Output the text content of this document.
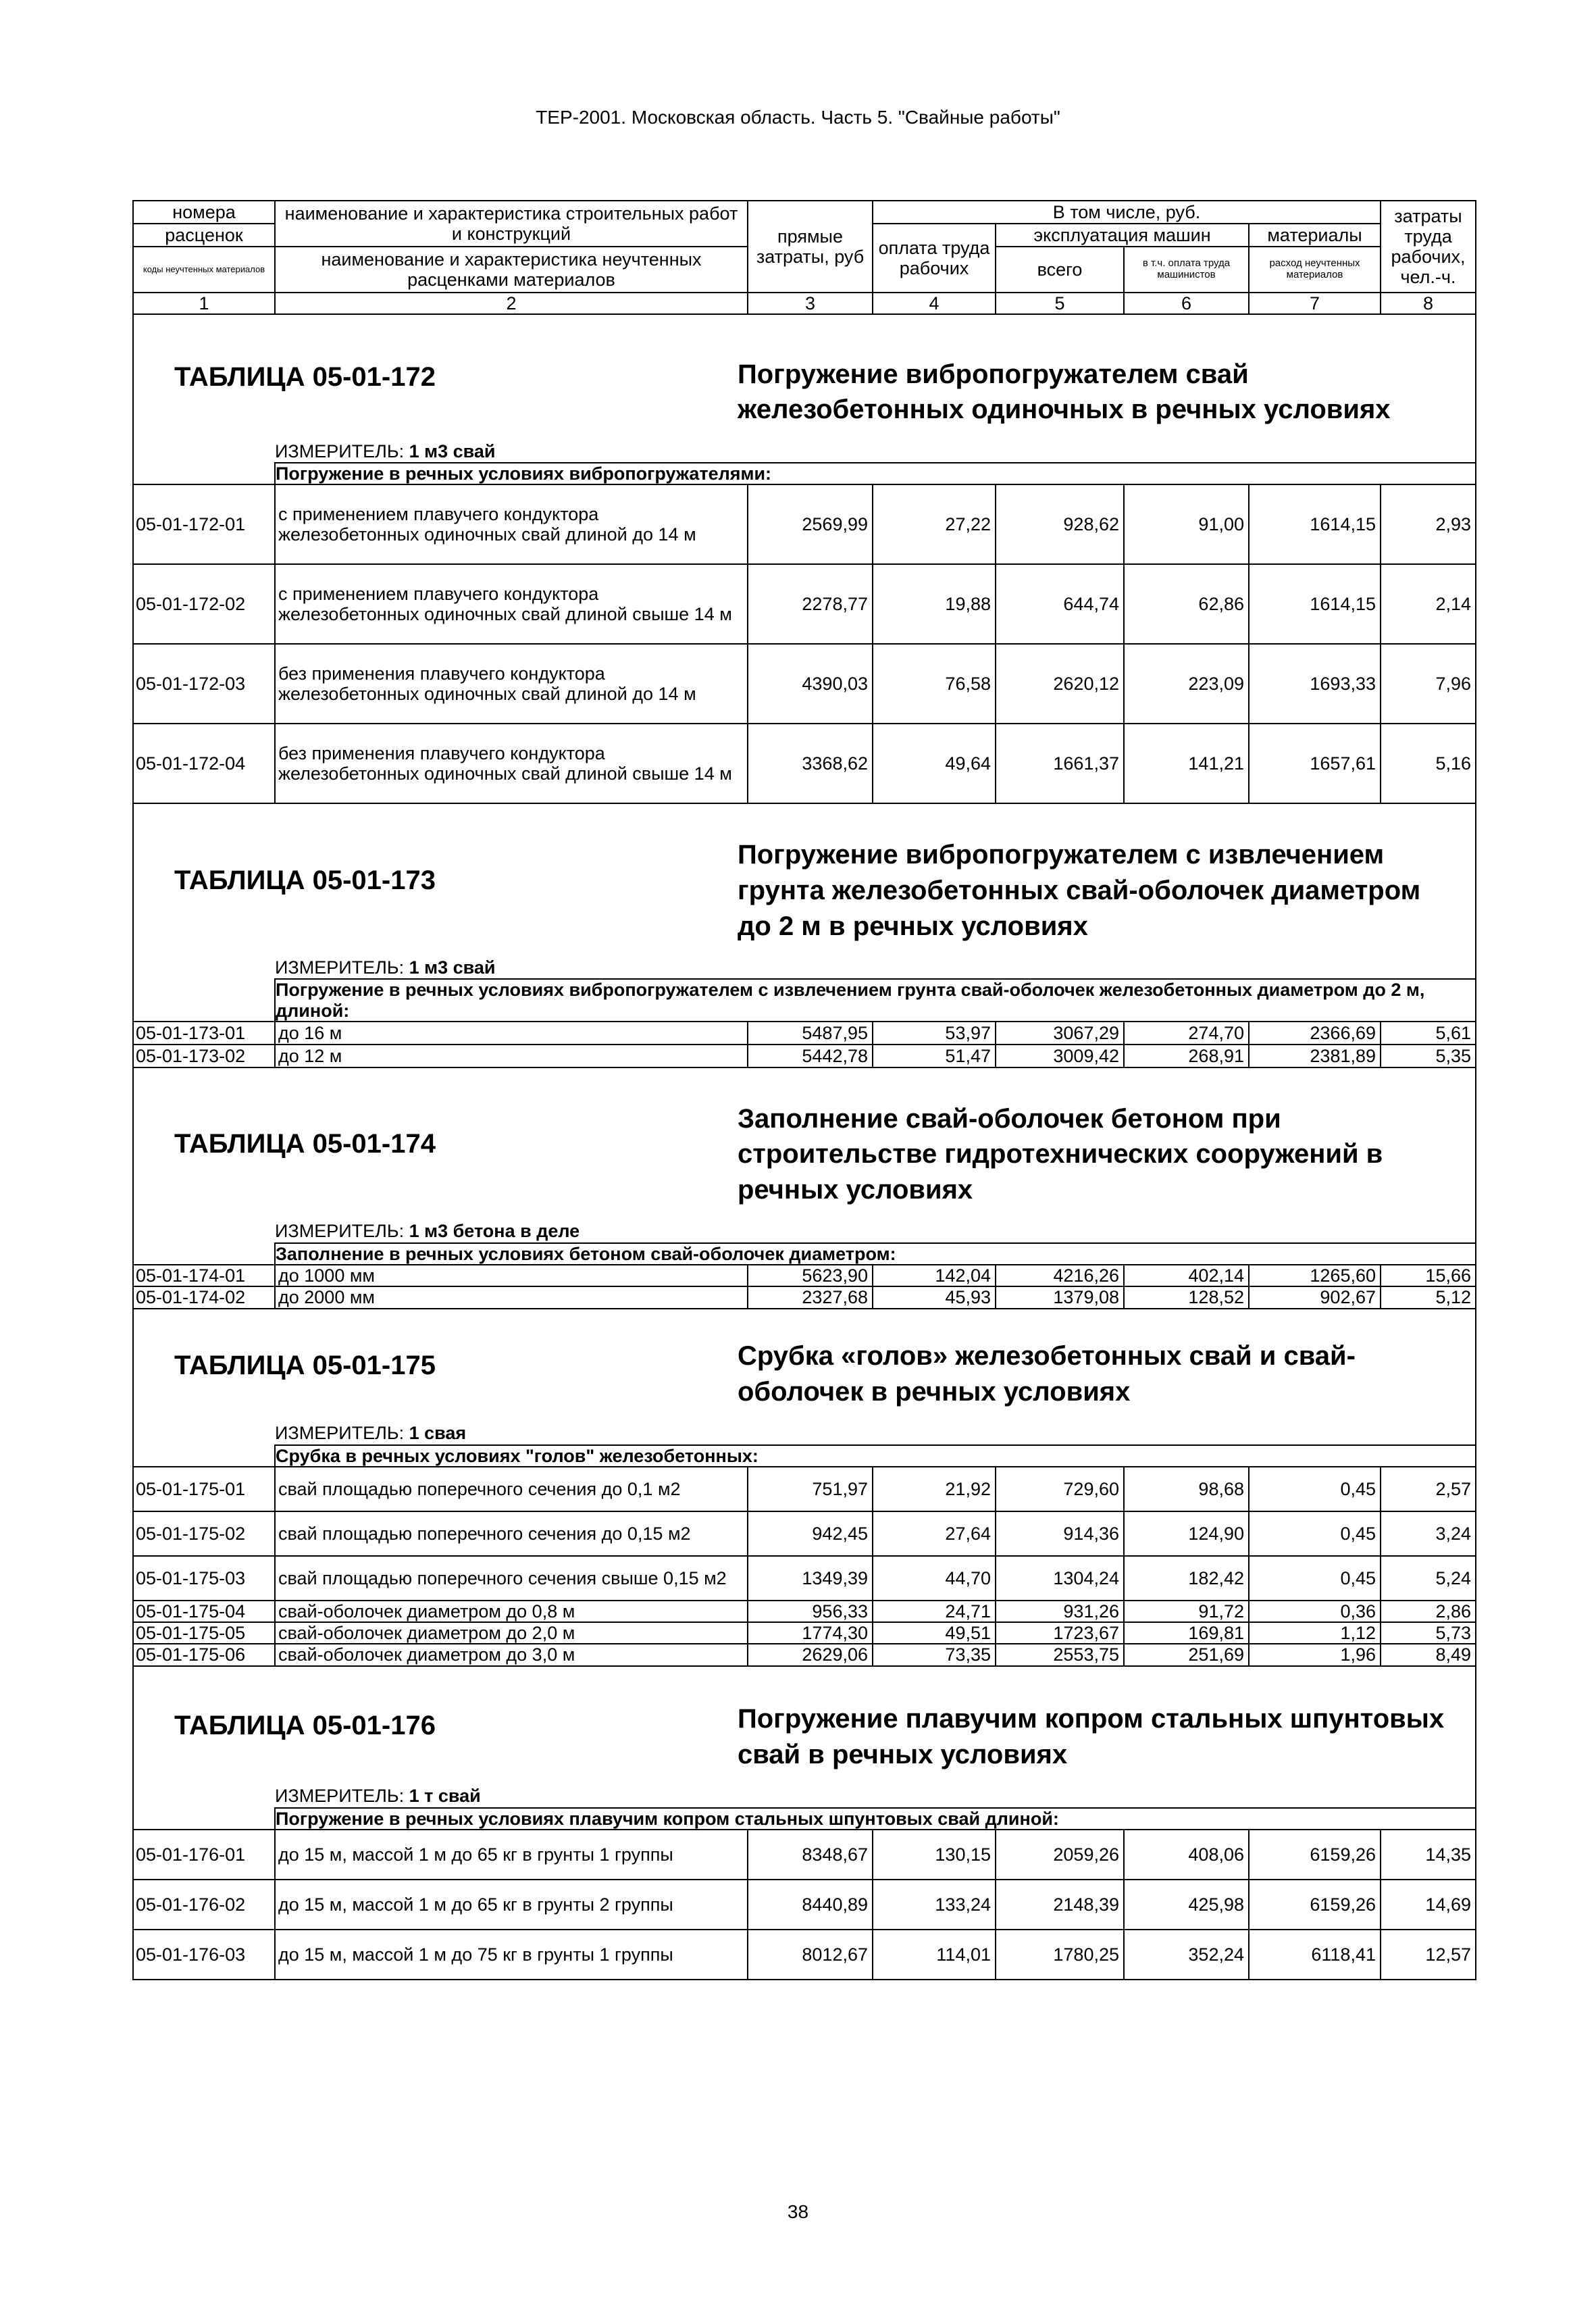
ТЕР-2001. Московская область. Часть 5. "Свайные работы"
номера	наименование и характеристика строительных работ и конструкций	прямые затраты, руб	В том числе, руб.				затраты труда рабочих, чел.-ч.
расценок			оплата труда рабочих	эксплуатация машин		материалы	
коды неучтенных материалов	наименование и характеристика неучтенных расценками материалов			всего	в т.ч. оплата труда машинистов	расход неучтенных материалов	

1	2	3	4	5	6	7	8
ТАБЛИЦА 05-01-172		Погружение вибропогружателем свай железобетонных одиночных в речных условиях					

	ИЗМЕРИТЕЛЬ: 1 м3 свай						
	Погружение в речных условиях вибропогружателями:						
05-01-172-01	с применением плавучего кондуктора железобетонных одиночных свай длиной до 14 м	2569,99	27,22	928,62	91,00	1614,15	2,93
05-01-172-02	с применением плавучего кондуктора железобетонных одиночных свай длиной свыше 14 м	2278,77	19,88	644,74	62,86	1614,15	2,14
05-01-172-03	без применения плавучего кондуктора железобетонных одиночных свай длиной до 14 м	4390,03	76,58	2620,12	223,09	1693,33	7,96
05-01-172-04	без применения плавучего кондуктора железобетонных одиночных свай длиной свыше 14 м	3368,62	49,64	1661,37	141,21	1657,61	5,16
ТАБЛИЦА 05-01-173		Погружение вибропогружателем с извлечением грунта железобетонных свай-оболочек диаметром до 2 м в речных условиях					

	ИЗМЕРИТЕЛЬ: 1 м3 свай						
	Погружение в речных условиях вибропогружателем с извлечением грунта свай-оболочек железобетонных диаметром до 2 м, длиной:						
05-01-173-01	до 16 м	5487,95	53,97	3067,29	274,70	2366,69	5,61
05-01-173-02	до 12 м	5442,78	51,47	3009,42	268,91	2381,89	5,35
ТАБЛИЦА 05-01-174		Заполнение свай-оболочек бетоном при строительстве гидротехнических сооружений в речных условиях					

	ИЗМЕРИТЕЛЬ: 1 м3 бетона в деле						
	Заполнение в речных условиях бетоном свай-оболочек диаметром:						
05-01-174-01	до 1000 мм	5623,90	142,04	4216,26	402,14	1265,60	15,66
05-01-174-02	до 2000 мм	2327,68	45,93	1379,08	128,52	902,67	5,12
ТАБЛИЦА 05-01-175		Срубка «голов» железобетонных свай и свай-оболочек в речных условиях					

	ИЗМЕРИТЕЛЬ: 1 свая						
	Срубка в речных условиях "голов" железобетонных:						
05-01-175-01	свай площадью поперечного сечения до 0,1 м2	751,97	21,92	729,60	98,68	0,45	2,57
05-01-175-02	свай площадью поперечного сечения до 0,15 м2	942,45	27,64	914,36	124,90	0,45	3,24
05-01-175-03	свай площадью поперечного сечения свыше 0,15 м2	1349,39	44,70	1304,24	182,42	0,45	5,24
05-01-175-04	свай-оболочек диаметром до 0,8 м	956,33	24,71	931,26	91,72	0,36	2,86
05-01-175-05	свай-оболочек диаметром до 2,0 м	1774,30	49,51	1723,67	169,81	1,12	5,73
05-01-175-06	свай-оболочек диаметром до 3,0 м	2629,06	73,35	2553,75	251,69	1,96	8,49
ТАБЛИЦА 05-01-176		Погружение плавучим копром стальных шпунтовых свай в речных условиях					

	ИЗМЕРИТЕЛЬ: 1 т свай						
	Погружение в речных условиях плавучим копром стальных шпунтовых свай длиной:						
05-01-176-01	до 15 м, массой 1 м до 65 кг в грунты 1 группы	8348,67	130,15	2059,26	408,06	6159,26	14,35
05-01-176-02	до 15 м, массой 1 м до 65 кг в грунты 2 группы	8440,89	133,24	2148,39	425,98	6159,26	14,69
05-01-176-03	до 15 м, массой 1 м до 75 кг в грунты 1 группы	8012,67	114,01	1780,25	352,24	6118,41	12,57
38
